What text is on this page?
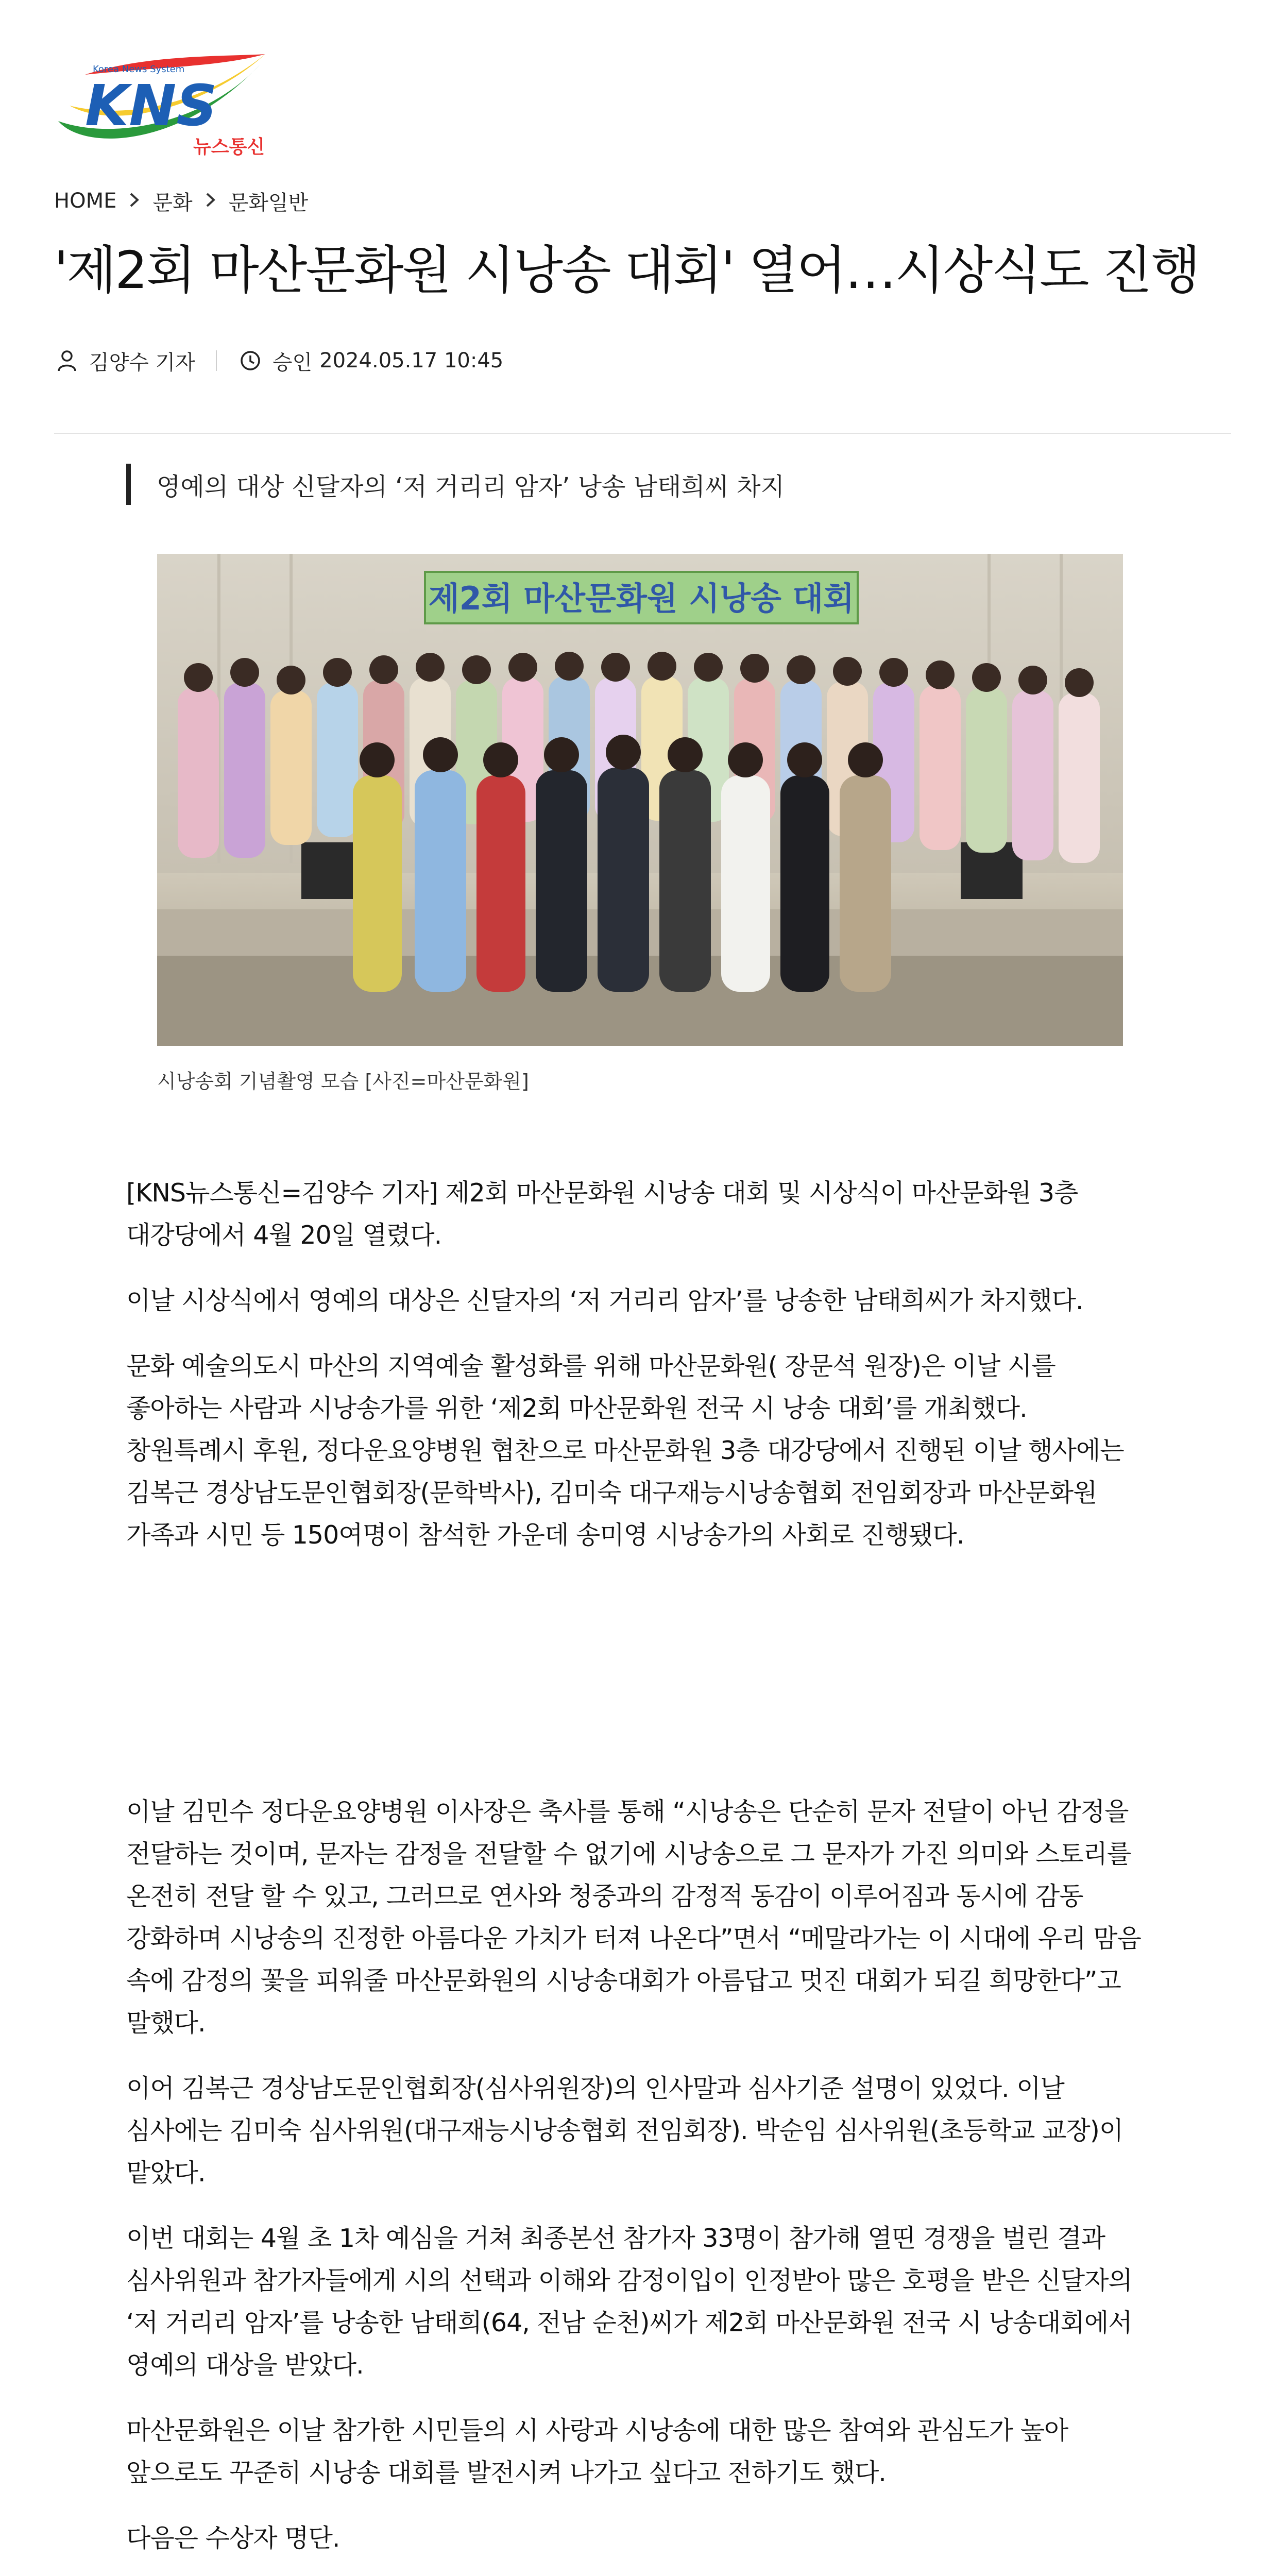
Korea News System
KNS
뉴스통신
HOME 문화 문화일반
'제2회 마산문화원 시낭송 대회' 열어…시상식도 진행
김양수 기자	승인 2024.05.17 10:45
영예의 대상 신달자의 ‘저 거리리 암자’ 낭송 남태희씨 차지
제2회 마산문화원 시낭송 대회
시낭송회 기념촬영 모습 [사진=마산문화원]

[KNS뉴스통신=김양수 기자] 제2회 마산문화원 시낭송 대회 및 시상식이 마산문화원 3층 대강당에서 4월 20일 열렸다.

이날 시상식에서 영예의 대상은 신달자의 ‘저 거리리 암자’를 낭송한 남태희씨가 차지했다.

문화 예술의도시 마산의 지역예술 활성화를 위해 마산문화원( 장문석 원장)은 이날 시를 좋아하는 사람과 시낭송가를 위한 ‘제2회 마산문화원 전국 시 낭송 대회’를 개최했다. 창원특례시 후원, 정다운요양병원 협찬으로 마산문화원 3층 대강당에서 진행된 이날 행사에는 김복근 경상남도문인협회장(문학박사), 김미숙 대구재능시낭송협회 전임회장과 마산문화원 가족과 시민 등 150여명이 참석한 가운데 송미영 시낭송가의 사회로 진행됐다.

이날 김민수 정다운요양병원 이사장은 축사를 통해 “시낭송은 단순히 문자 전달이 아닌 감정을 전달하는 것이며, 문자는 감정을 전달할 수 없기에 시낭송으로 그 문자가 가진 의미와 스토리를 온전히 전달 할 수 있고, 그러므로 연사와 청중과의 감정적 동감이 이루어짐과 동시에 감동 강화하며 시낭송의 진정한 아름다운 가치가 터져 나온다”면서 “메말라가는 이 시대에 우리 맘음 속에 감정의 꽃을 피워줄 마산문화원의 시낭송대회가 아름답고 멋진 대회가 되길 희망한다”고 말했다.

이어 김복근 경상남도문인협회장(심사위원장)의 인사말과 심사기준 설명이 있었다. 이날 심사에는 김미숙 심사위원(대구재능시낭송협회 전임회장). 박순임 심사위원(초등학교 교장)이 맡았다.

이번 대회는 4월 초 1차 예심을 거쳐 최종본선 참가자 33명이 참가해 열띤 경쟁을 벌린 결과 심사위원과 참가자들에게 시의 선택과 이해와 감정이입이 인정받아 많은 호평을 받은 신달자의 ‘저 거리리 암자’를 낭송한 남태희(64, 전남 순천)씨가 제2회 마산문화원 전국 시 낭송대회에서 영예의 대상을 받았다.

마산문화원은 이날 참가한 시민들의 시 사랑과 시낭송에 대한 많은 참여와 관심도가 높아 앞으로도 꾸준히 시낭송 대회를 발전시켜 나가고 싶다고 전하기도 했다.

다음은 수상자 명단.
